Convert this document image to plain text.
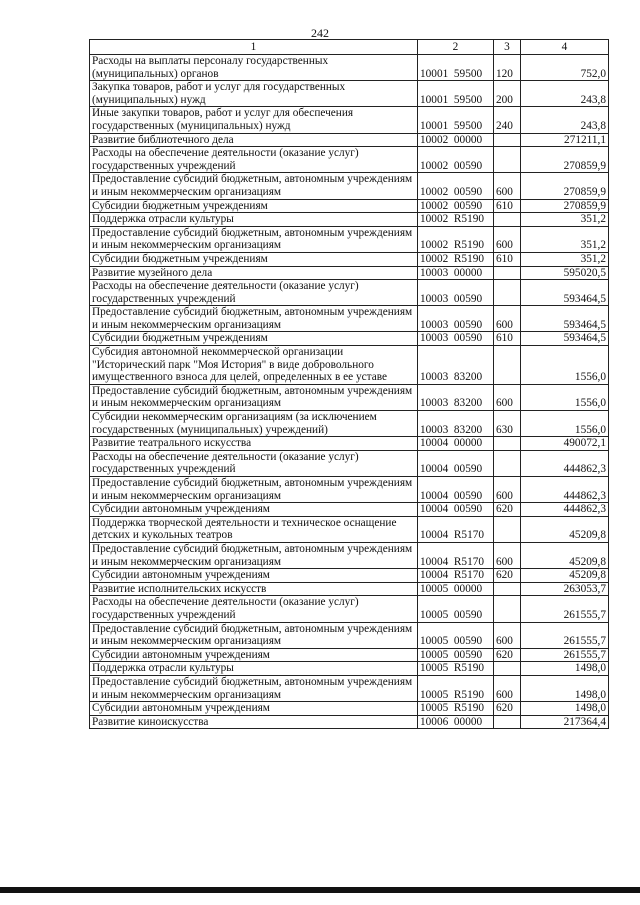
242
1	2	3	4
Расходы на выплаты персоналу государственных (муниципальных) органов	10001  59500	120	752,0
Закупка товаров, работ и услуг для государственных (муниципальных) нужд	10001  59500	200	243,8
Иные закупки товаров, работ и услуг для обеспечения государственных (муниципальных) нужд	10001  59500	240	243,8
Развитие библиотечного дела	10002  00000		271211,1
Расходы на обеспечение деятельности (оказание услуг) государственных учреждений	10002  00590		270859,9
Предоставление субсидий бюджетным, автономным учреждениям и иным некоммерческим организациям	10002  00590	600	270859,9
Субсидии бюджетным учреждениям	10002  00590	610	270859,9
Поддержка отрасли культуры	10002  R5190		351,2
Предоставление субсидий бюджетным, автономным учреждениям и иным некоммерческим организациям	10002  R5190	600	351,2
Субсидии бюджетным учреждениям	10002  R5190	610	351,2
Развитие музейного дела	10003  00000		595020,5
Расходы на обеспечение деятельности (оказание услуг) государственных учреждений	10003  00590		593464,5
Предоставление субсидий бюджетным, автономным учреждениям и иным некоммерческим организациям	10003  00590	600	593464,5
Субсидии бюджетным учреждениям	10003  00590	610	593464,5
Субсидия автономной некоммерческой организации "Исторический парк "Моя История" в виде добровольного имущественного взноса для целей, определенных в ее уставе	10003  83200		1556,0
Предоставление субсидий бюджетным, автономным учреждениям и иным некоммерческим организациям	10003  83200	600	1556,0
Субсидии некоммерческим организациям (за исключением государственных (муниципальных) учреждений)	10003  83200	630	1556,0
Развитие театрального искусства	10004  00000		490072,1
Расходы на обеспечение деятельности (оказание услуг) государственных учреждений	10004  00590		444862,3
Предоставление субсидий бюджетным, автономным учреждениям и иным некоммерческим организациям	10004  00590	600	444862,3
Субсидии автономным учреждениям	10004  00590	620	444862,3
Поддержка творческой деятельности и техническое оснащение детских и кукольных театров	10004  R5170		45209,8
Предоставление субсидий бюджетным, автономным учреждениям и иным некоммерческим организациям	10004  R5170	600	45209,8
Субсидии автономным учреждениям	10004  R5170	620	45209,8
Развитие исполнительских искусств	10005  00000		263053,7
Расходы на обеспечение деятельности (оказание услуг) государственных учреждений	10005  00590		261555,7
Предоставление субсидий бюджетным, автономным учреждениям и иным некоммерческим организациям	10005  00590	600	261555,7
Субсидии автономным учреждениям	10005  00590	620	261555,7
Поддержка отрасли культуры	10005  R5190		1498,0
Предоставление субсидий бюджетным, автономным учреждениям и иным некоммерческим организациям	10005  R5190	600	1498,0
Субсидии автономным учреждениям	10005  R5190	620	1498,0
Развитие киноискусства	10006  00000		217364,4
